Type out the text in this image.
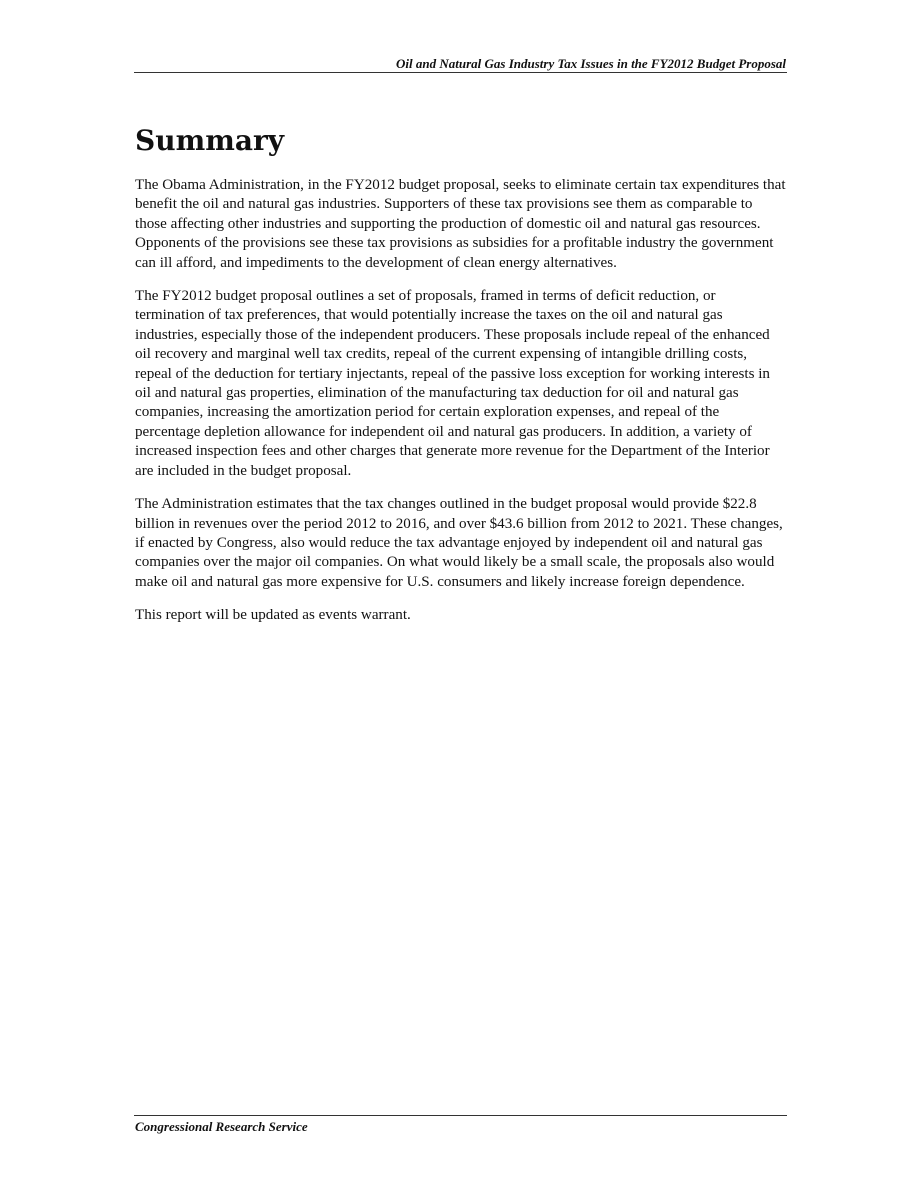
Oil and Natural Gas Industry Tax Issues in the FY2012 Budget Proposal
Summary

The Obama Administration, in the FY2012 budget proposal, seeks to eliminate certain tax expenditures that benefit the oil and natural gas industries. Supporters of these tax provisions see them as comparable to those affecting other industries and supporting the production of domestic oil and natural gas resources. Opponents of the provisions see these tax provisions as subsidies for a profitable industry the government can ill afford, and impediments to the development of clean energy alternatives.

The FY2012 budget proposal outlines a set of proposals, framed in terms of deficit reduction, or termination of tax preferences, that would potentially increase the taxes on the oil and natural gas industries, especially those of the independent producers. These proposals include repeal of the enhanced oil recovery and marginal well tax credits, repeal of the current expensing of intangible drilling costs, repeal of the deduction for tertiary injectants, repeal of the passive loss exception for working interests in oil and natural gas properties, elimination of the manufacturing tax deduction for oil and natural gas companies, increasing the amortization period for certain exploration expenses, and repeal of the percentage depletion allowance for independent oil and natural gas producers. In addition, a variety of increased inspection fees and other charges that generate more revenue for the Department of the Interior are included in the budget proposal.

The Administration estimates that the tax changes outlined in the budget proposal would provide $22.8 billion in revenues over the period 2012 to 2016, and over $43.6 billion from 2012 to 2021. These changes, if enacted by Congress, also would reduce the tax advantage enjoyed by independent oil and natural gas companies over the major oil companies. On what would likely be a small scale, the proposals also would make oil and natural gas more expensive for U.S. consumers and likely increase foreign dependence.

This report will be updated as events warrant.

Congressional Research Service
